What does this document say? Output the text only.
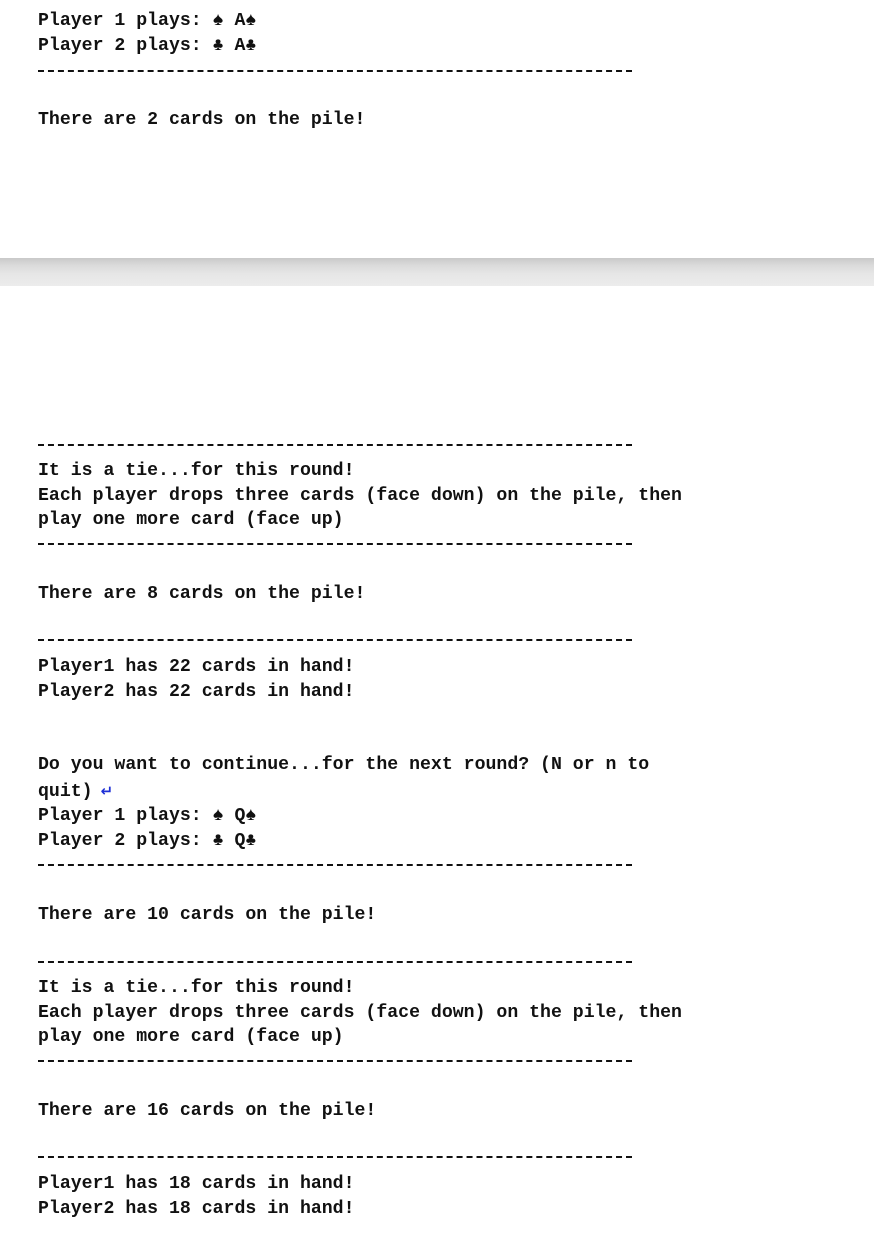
Player 1 plays: ♠ A♠
Player 2 plays: ♣ A♣
There are 2 cards on the pile!
It is a tie...for this round!
Each player drops three cards (face down) on the pile, then
play one more card (face up)
There are 8 cards on the pile!
Player1 has 22 cards in hand!
Player2 has 22 cards in hand!
Do you want to continue...for the next round? (N or n to
quit) ↵
Player 1 plays: ♠ Q♠
Player 2 plays: ♣ Q♣
There are 10 cards on the pile!
It is a tie...for this round!
Each player drops three cards (face down) on the pile, then
play one more card (face up)
There are 16 cards on the pile!
Player1 has 18 cards in hand!
Player2 has 18 cards in hand!
